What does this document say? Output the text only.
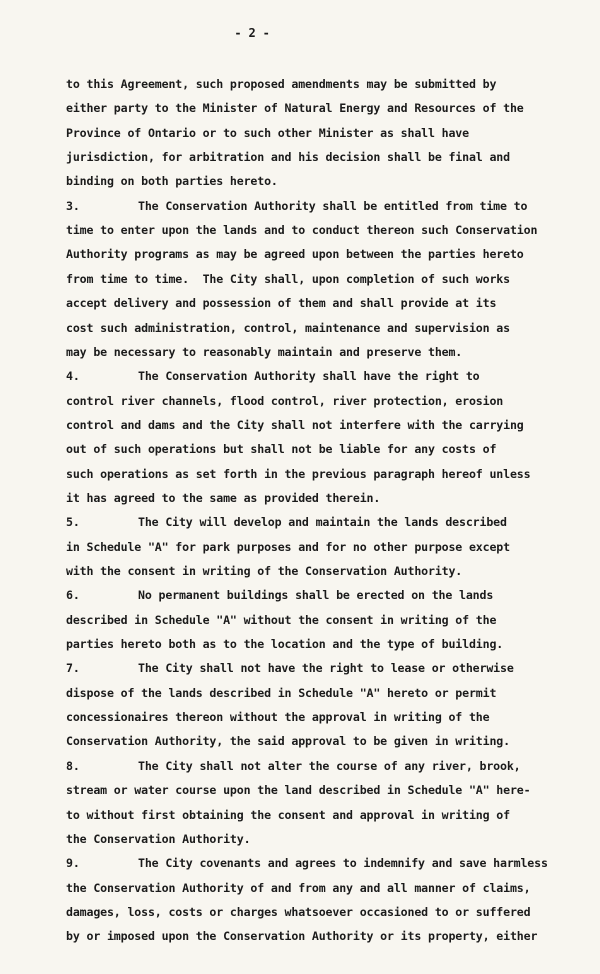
- 2 -
to this Agreement, such proposed amendments may be submitted by
either party to the Minister of Natural Energy and Resources of the
Province of Ontario or to such other Minister as shall have
jurisdiction, for arbitration and his decision shall be final and
binding on both parties hereto.
3.	The Conservation Authority shall be entitled from time to
time to enter upon the lands and to conduct thereon such Conservation
Authority programs as may be agreed upon between the parties hereto
from time to time.  The City shall, upon completion of such works
accept delivery and possession of them and shall provide at its
cost such administration, control, maintenance and supervision as
may be necessary to reasonably maintain and preserve them.
4.	The Conservation Authority shall have the right to
control river channels, flood control, river protection, erosion
control and dams and the City shall not interfere with the carrying
out of such operations but shall not be liable for any costs of
such operations as set forth in the previous paragraph hereof unless
it has agreed to the same as provided therein.
5.	The City will develop and maintain the lands described
in Schedule "A" for park purposes and for no other purpose except
with the consent in writing of the Conservation Authority.
6.	No permanent buildings shall be erected on the lands
described in Schedule "A" without the consent in writing of the
parties hereto both as to the location and the type of building.
7.	The City shall not have the right to lease or otherwise
dispose of the lands described in Schedule "A" hereto or permit
concessionaires thereon without the approval in writing of the
Conservation Authority, the said approval to be given in writing.
8.	The City shall not alter the course of any river, brook,
stream or water course upon the land described in Schedule "A" here-
to without first obtaining the consent and approval in writing of
the Conservation Authority.
9.	The City covenants and agrees to indemnify and save harmless
the Conservation Authority of and from any and all manner of claims,
damages, loss, costs or charges whatsoever occasioned to or suffered
by or imposed upon the Conservation Authority or its property, either
